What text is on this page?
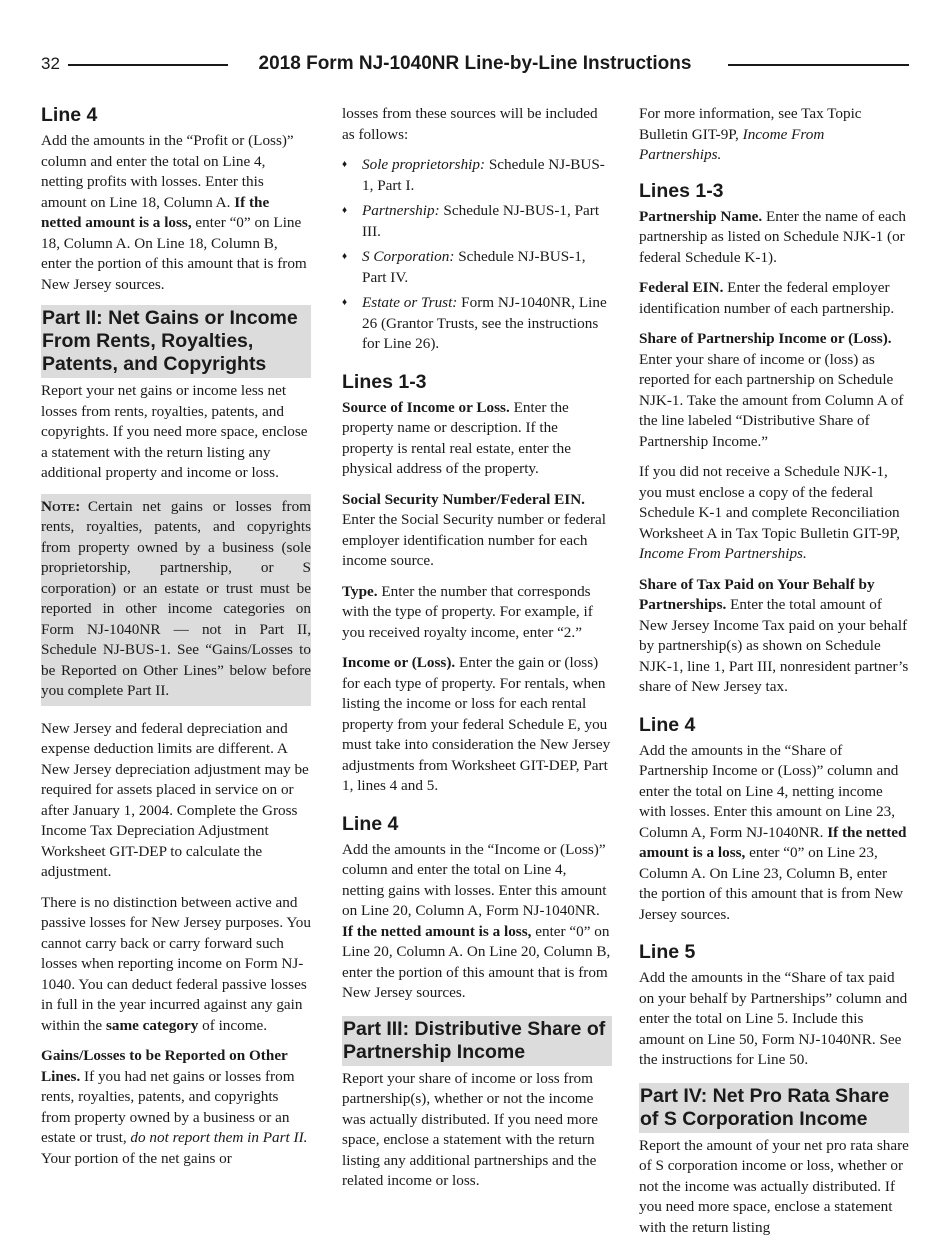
32	2018 Form NJ-1040NR Line-by-Line Instructions
Line 4

Add the amounts in the “Profit or (Loss)” column and enter the total on Line 4, netting profits with losses. Enter this amount on Line 18, Column A. If the netted amount is a loss, enter “0” on Line 18, Column A. On Line 18, Column B, enter the portion of this amount that is from New Jersey sources.

Part II: Net Gains or Income From Rents, Royalties, Patents, and Copyrights

Report your net gains or income less net losses from rents, royalties, patents, and copyrights. If you need more space, enclose a statement with the return listing any additional property and income or loss.

Note: Certain net gains or losses from rents, royalties, patents, and copyrights from property owned by a business (sole proprietorship, partnership, or S corporation) or an estate or trust must be reported in other income categories on Form NJ-1040NR — not in Part II, Schedule NJ-BUS-1. See “Gains/Losses to be Reported on Other Lines” below before you complete Part II.

New Jersey and federal depreciation and expense deduction limits are different. A New Jersey depreciation adjustment may be required for assets placed in service on or after January 1, 2004. Complete the Gross Income Tax Depreciation Adjustment Worksheet GIT-DEP to calculate the adjustment.

There is no distinction between active and passive losses for New Jersey purposes. You cannot carry back or carry forward such losses when reporting income on Form NJ-1040. You can deduct federal passive losses in full in the year incurred against any gain within the same category of income.

Gains/Losses to be Reported on Other Lines. If you had net gains or losses from rents, royalties, patents, and copyrights from property owned by a business or an estate or trust, do not report them in Part II. Your portion of the net gains or

losses from these sources will be included as follows:

♦ Sole proprietorship: Schedule NJ-BUS-1, Part I.
♦ Partnership: Schedule NJ-BUS-1, Part III.
♦ S Corporation: Schedule NJ-BUS-1, Part IV.
♦ Estate or Trust: Form NJ-1040NR, Line 26 (Grantor Trusts, see the instructions for Line 26).
Lines 1-3

Source of Income or Loss. Enter the property name or description. If the property is rental real estate, enter the physical address of the property.

Social Security Number/Federal EIN. Enter the Social Security number or federal employer identification number for each income source.

Type. Enter the number that corresponds with the type of property. For example, if you received royalty income, enter “2.”

Income or (Loss). Enter the gain or (loss) for each type of property. For rentals, when listing the income or loss for each rental property from your federal Schedule E, you must take into consideration the New Jersey adjustments from Worksheet GIT-DEP, Part 1, lines 4 and 5.

Line 4

Add the amounts in the “Income or (Loss)” column and enter the total on Line 4, netting gains with losses. Enter this amount on Line 20, Column A, Form NJ-1040NR. If the netted amount is a loss, enter “0” on Line 20, Column A. On Line 20, Column B, enter the portion of this amount that is from New Jersey sources.

Part III: Distributive Share of Partnership Income

Report your share of income or loss from partnership(s), whether or not the income was actually distributed. If you need more space, enclose a statement with the return listing any additional partnerships and the related income or loss.

For more information, see Tax Topic Bulletin GIT-9P, Income From Partnerships.

Lines 1-3

Partnership Name. Enter the name of each partnership as listed on Schedule NJK-1 (or federal Schedule K-1).

Federal EIN. Enter the federal employer identification number of each partnership.

Share of Partnership Income or (Loss). Enter your share of income or (loss) as reported for each partnership on Schedule NJK-1. Take the amount from Column A of the line labeled “Distributive Share of Partnership Income.”

If you did not receive a Schedule NJK-1, you must enclose a copy of the federal Schedule K-1 and complete Reconciliation Worksheet A in Tax Topic Bulletin GIT-9P, Income From Partnerships.

Share of Tax Paid on Your Behalf by Partnerships. Enter the total amount of New Jersey Income Tax paid on your behalf by partnership(s) as shown on Schedule NJK-1, line 1, Part III, nonresident partner’s share of New Jersey tax.

Line 4

Add the amounts in the “Share of Partnership Income or (Loss)” column and enter the total on Line 4, netting income with losses. Enter this amount on Line 23, Column A, Form NJ-1040NR. If the netted amount is a loss, enter “0” on Line 23, Column A. On Line 23, Column B, enter the portion of this amount that is from New Jersey sources.

Line 5

Add the amounts in the “Share of tax paid on your behalf by Partnerships” column and enter the total on Line 5. Include this amount on Line 50, Form NJ-1040NR. See the instructions for Line 50.

Part IV: Net Pro Rata Share of S Corporation Income

Report the amount of your net pro rata share of S corporation income or loss, whether or not the income was actually distributed. If you need more space, enclose a statement with the return listing
